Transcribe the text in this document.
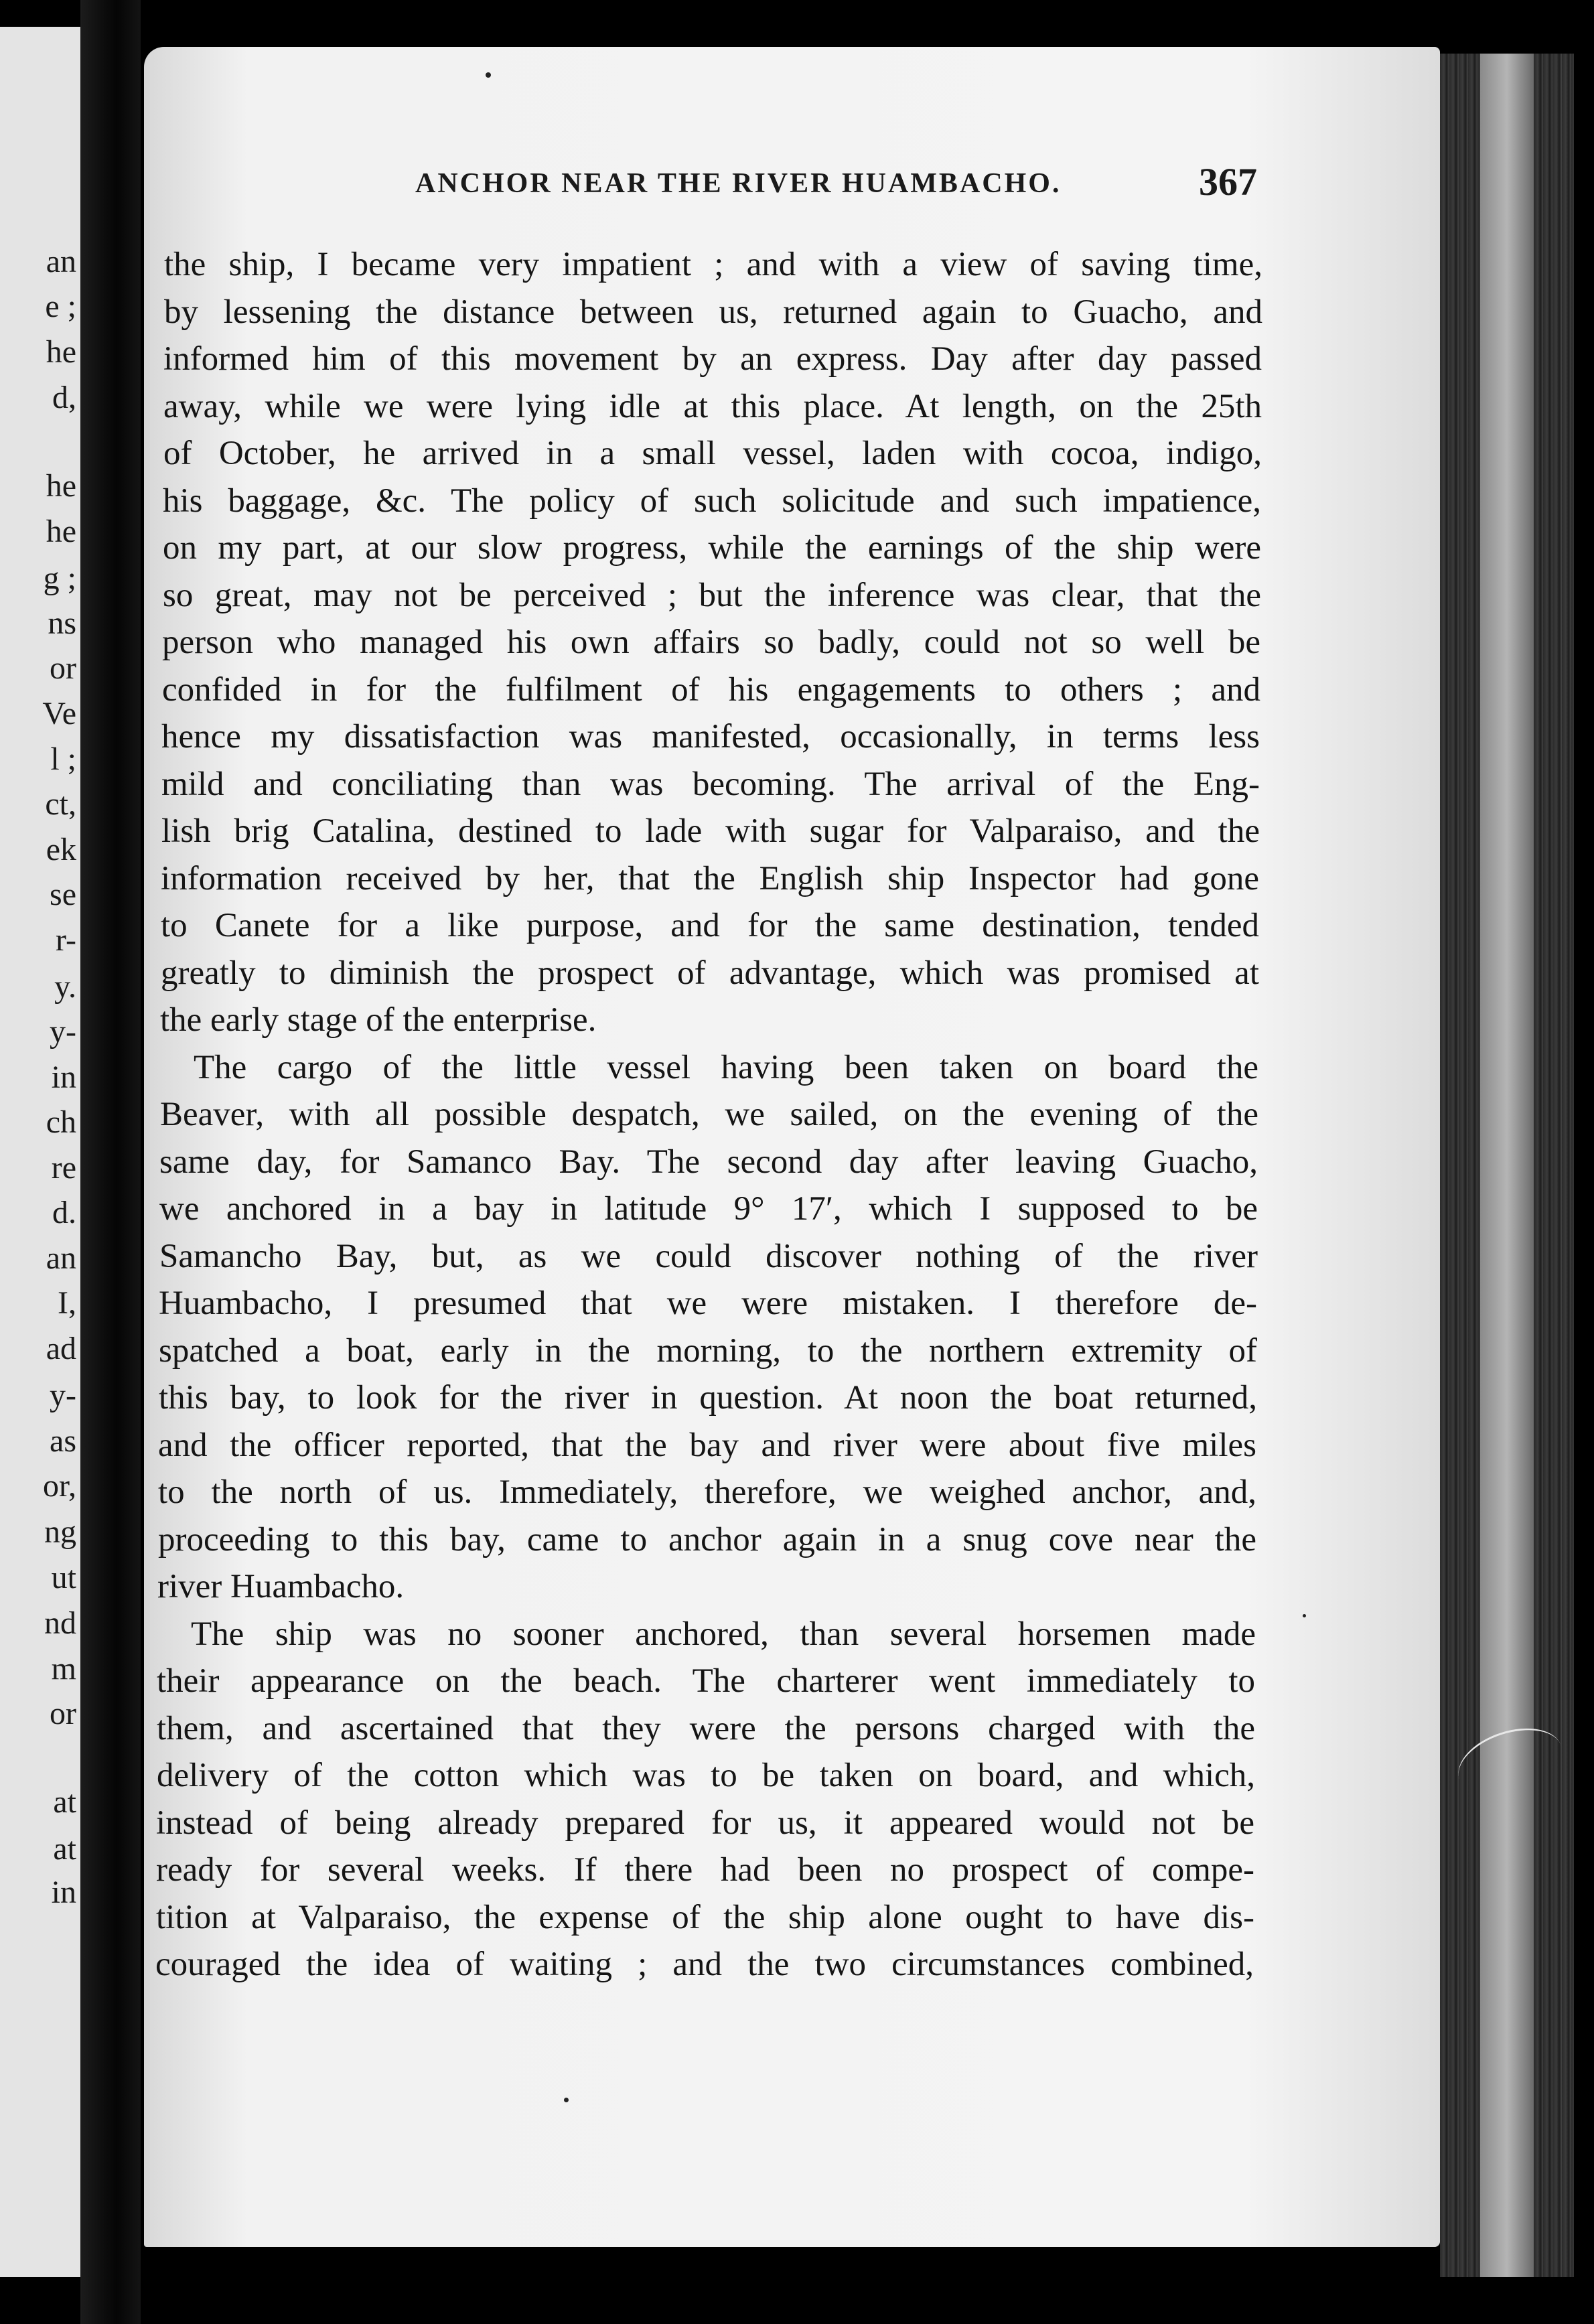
an
e ;
he
d,
he
he
g ;
ns
or
Ve
l ;
ct,
ek
se
r-
y.
y-
in
ch
re
d.
an
I,
ad
y-
as
or,
ng
ut
nd
m
or
at
at
in
ANCHOR NEAR THE RIVER HUAMBACHO.	367
the ship, I became very impatient ; and with a view of saving time,
by lessening the distance between us, returned again to Guacho, and
informed him of this movement by an express. Day after day passed
away, while we were lying idle at this place. At length, on the 25th
of October, he arrived in a small vessel, laden with cocoa, indigo,
his baggage, &c. The policy of such solicitude and such impatience,
on my part, at our slow progress, while the earnings of the ship were
so great, may not be perceived ; but the inference was clear, that the
person who managed his own affairs so badly, could not so well be
confided in for the fulfilment of his engagements to others ; and
hence my dissatisfaction was manifested, occasionally, in terms less
mild and conciliating than was becoming. The arrival of the Eng-
lish brig Catalina, destined to lade with sugar for Valparaiso, and the
information received by her, that the English ship Inspector had gone
to Canete for a like purpose, and for the same destination, tended
greatly to diminish the prospect of advantage, which was promised at
the early stage of the enterprise.
The cargo of the little vessel having been taken on board the
Beaver, with all possible despatch, we sailed, on the evening of the
same day, for Samanco Bay. The second day after leaving Guacho,
we anchored in a bay in latitude 9° 17′, which I supposed to be
Samancho Bay, but, as we could discover nothing of the river
Huambacho, I presumed that we were mistaken. I therefore de-
spatched a boat, early in the morning, to the northern extremity of
this bay, to look for the river in question. At noon the boat returned,
and the officer reported, that the bay and river were about five miles
to the north of us. Immediately, therefore, we weighed anchor, and,
proceeding to this bay, came to anchor again in a snug cove near the
river Huambacho.
The ship was no sooner anchored, than several horsemen made
their appearance on the beach. The charterer went immediately to
them, and ascertained that they were the persons charged with the
delivery of the cotton which was to be taken on board, and which,
instead of being already prepared for us, it appeared would not be
ready for several weeks. If there had been no prospect of compe-
tition at Valparaiso, the expense of the ship alone ought to have dis-
couraged the idea of waiting ; and the two circumstances combined,
